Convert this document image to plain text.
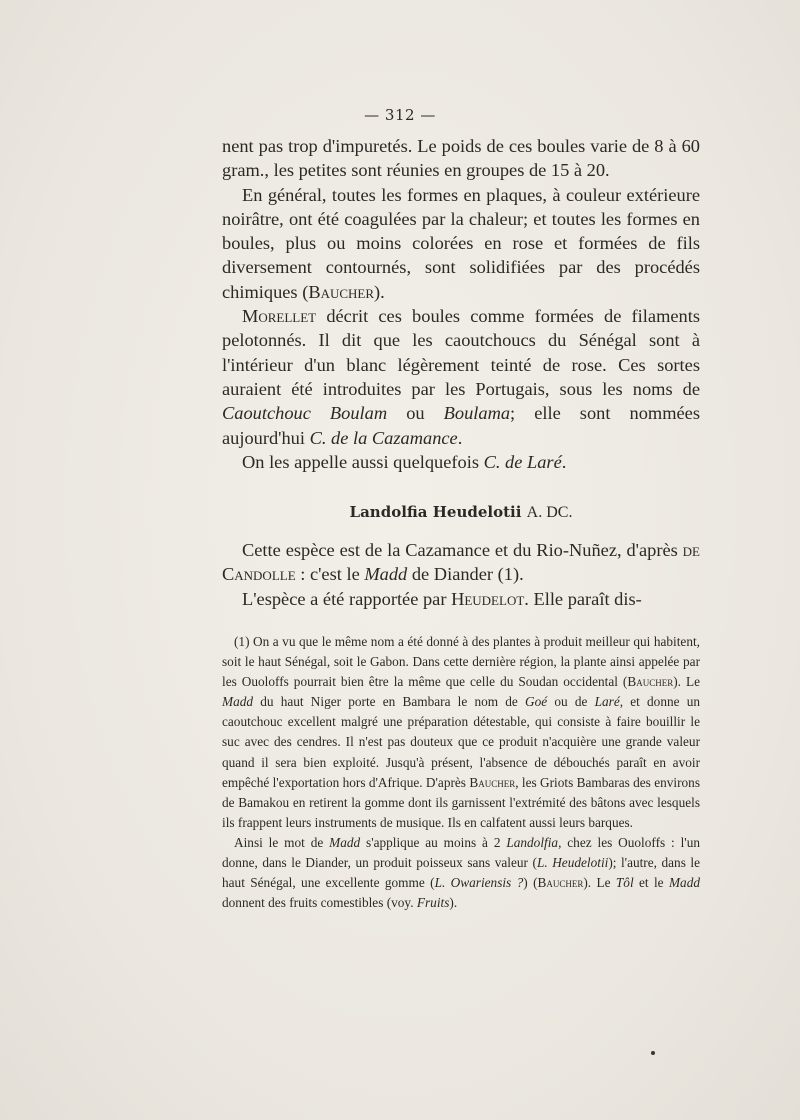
— 312 —

nent pas trop d'impuretés. Le poids de ces boules varie de 8 à 60 gram., les petites sont réunies en groupes de 15 à 20.

En général, toutes les formes en plaques, à couleur extérieure noirâtre, ont été coagulées par la chaleur; et toutes les formes en boules, plus ou moins colorées en rose et formées de fils diversement contournés, sont solidifiées par des procédés chimiques (Baucher).

Morellet décrit ces boules comme formées de filaments pelotonnés. Il dit que les caoutchoucs du Sénégal sont à l'intérieur d'un blanc légèrement teinté de rose. Ces sortes auraient été introduites par les Portugais, sous les noms de Caoutchouc Boulam ou Boulama; elle sont nommées aujourd'hui C. de la Cazamance.

On les appelle aussi quelquefois C. de Laré.

Landolfia Heudelotii A. DC.

Cette espèce est de la Cazamance et du Rio-Nuñez, d'après de Candolle : c'est le Madd de Diander (1).

L'espèce a été rapportée par Heudelot. Elle paraît dis-

(1) On a vu que le même nom a été donné à des plantes à produit meilleur qui habitent, soit le haut Sénégal, soit le Gabon. Dans cette dernière région, la plante ainsi appelée par les Ouoloffs pourrait bien être la même que celle du Soudan occidental (Baucher). Le Madd du haut Niger porte en Bambara le nom de Goé ou de Laré, et donne un caoutchouc excellent malgré une préparation détestable, qui consiste à faire bouillir le suc avec des cendres. Il n'est pas douteux que ce produit n'acquière une grande valeur quand il sera bien exploité. Jusqu'à présent, l'absence de débouchés paraît en avoir empêché l'exportation hors d'Afrique. D'après Baucher, les Griots Bambaras des environs de Bamakou en retirent la gomme dont ils garnissent l'extrémité des bâtons avec lesquels ils frappent leurs instruments de musique. Ils en calfatent aussi leurs barques.

Ainsi le mot de Madd s'applique au moins à 2 Landolfia, chez les Ouoloffs : l'un donne, dans le Diander, un produit poisseux sans valeur (L. Heudelotii); l'autre, dans le haut Sénégal, une excellente gomme (L. Owariensis ?) (Baucher). Le Tôl et le Madd donnent des fruits comestibles (voy. Fruits).
